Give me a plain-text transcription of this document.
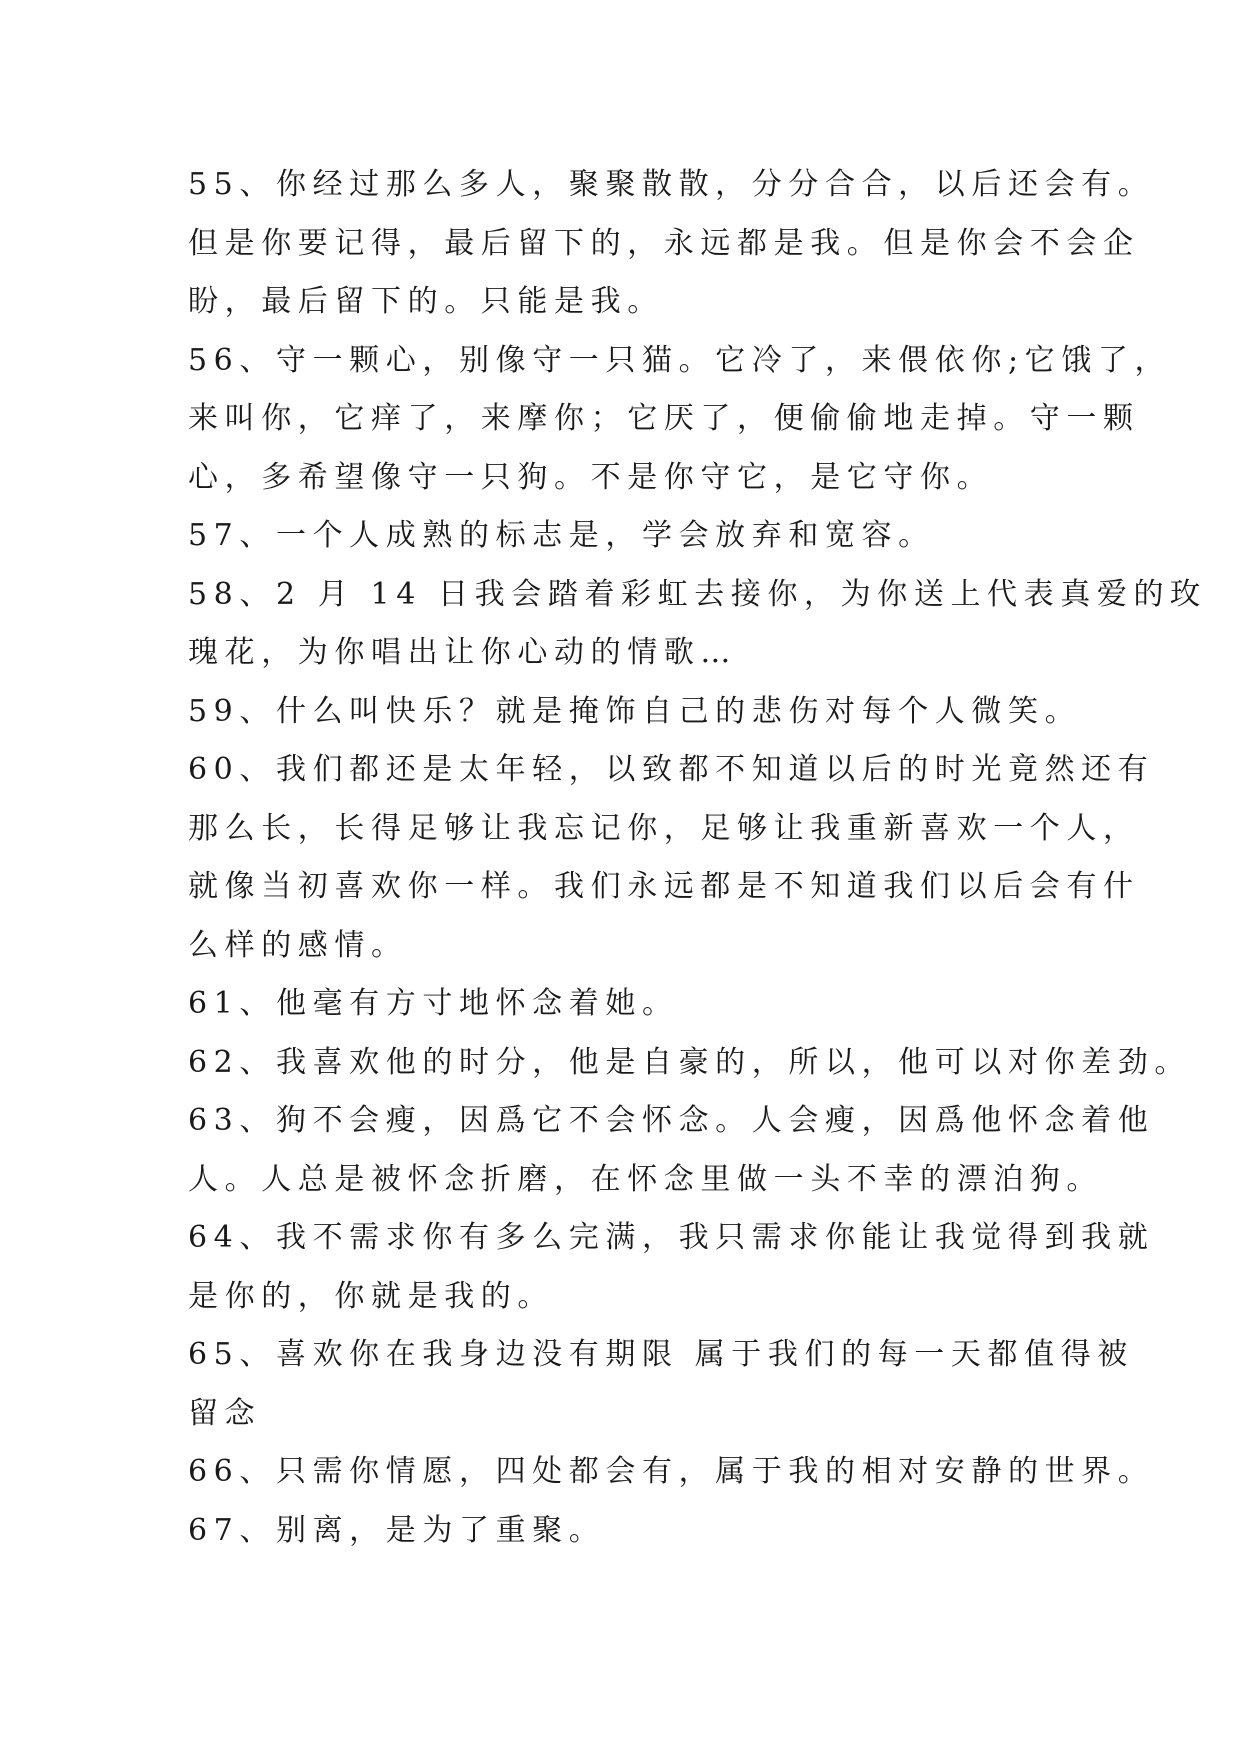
55、你经过那么多人，聚聚散散，分分合合，以后还会有。
但是你要记得，最后留下的，永远都是我。但是你会不会企
盼，最后留下的。只能是我。
56、守一颗心，别像守一只猫。它冷了，来偎依你;它饿了，
来叫你，它痒了，来摩你；它厌了，便偷偷地走掉。守一颗
心，多希望像守一只狗。不是你守它，是它守你。
57、一个人成熟的标志是，学会放弃和宽容。
58、2 月 14 日我会踏着彩虹去接你，为你送上代表真爱的玫
瑰花，为你唱出让你心动的情歌…
59、什么叫快乐？就是掩饰自己的悲伤对每个人微笑。
60、我们都还是太年轻，以致都不知道以后的时光竟然还有
那么长，长得足够让我忘记你，足够让我重新喜欢一个人，
就像当初喜欢你一样。我们永远都是不知道我们以后会有什
么样的感情。
61、他毫有方寸地怀念着她。
62、我喜欢他的时分，他是自豪的，所以，他可以对你差劲。
63、狗不会瘦，因爲它不会怀念。人会瘦，因爲他怀念着他
人。人总是被怀念折磨，在怀念里做一头不幸的漂泊狗。
64、我不需求你有多么完满，我只需求你能让我觉得到我就
是你的，你就是我的。
65、喜欢你在我身边没有期限 属于我们的每一天都值得被
留念
66、只需你情愿，四处都会有，属于我的相对安静的世界。
67、别离，是为了重聚。
